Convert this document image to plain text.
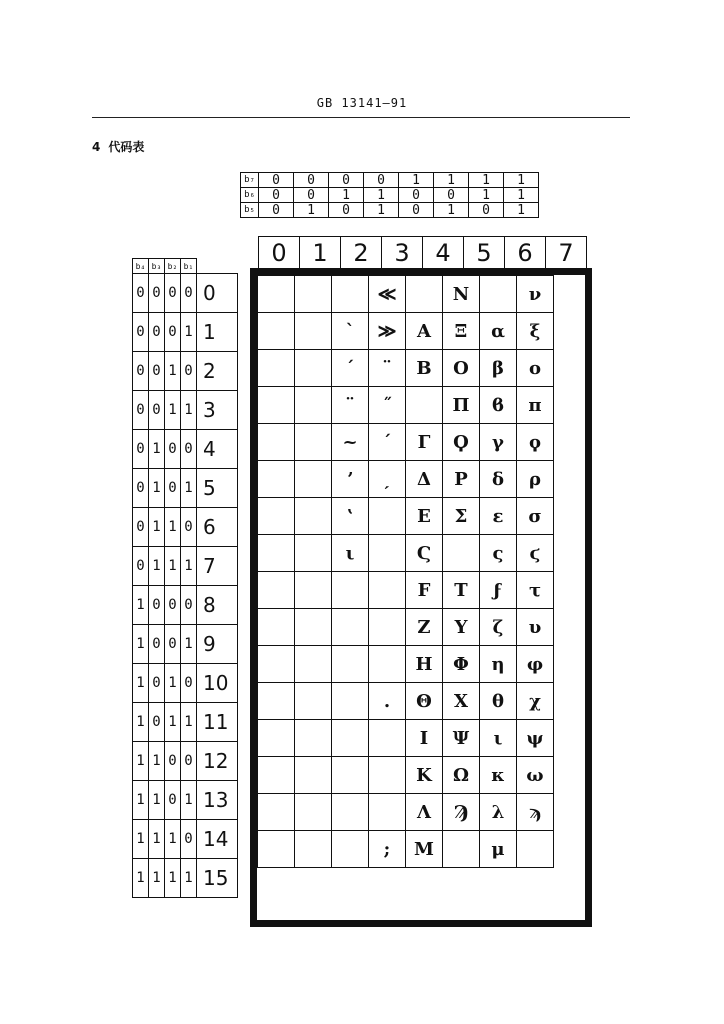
GB 13141—91
4 代码表
b₇	0	0	0	0	1	1	1	1
b₆	0	0	1	1	0	0	1	1
b₅	0	1	0	1	0	1	0	1
0	1	2	3	4	5	6	7
b₄	b₃	b₂	b₁	
0	0	0	0	0
0	0	0	1	1
0	0	1	0	2
0	0	1	1	3
0	1	0	0	4
0	1	0	1	5
0	1	1	0	6
0	1	1	1	7
1	0	0	0	8
1	0	0	1	9
1	0	1	0	10
1	0	1	1	11
1	1	0	0	12
1	1	0	1	13
1	1	1	0	14
1	1	1	1	15
			≪		N		ν
		`	≫	A	Ξ	α	ξ
		´	¨	B	O	β	o
		¨	˝		Π	ϐ	π
		~	´	Γ	Ϙ	γ	ϙ
		ʼ	ˏ	Δ	P	δ	ρ
		ʽ		E	Σ	ε	σ
		ι		Ϛ		ς	ϛ
				F	T	ϝ	τ
				Z	Y	ζ	υ
				H	Φ	η	φ
			.	Θ	X	θ	χ
				I	Ψ	ι	ψ
				K	Ω	κ	ω
				Λ	Ϡ	λ	ϡ
			;	M		μ	
